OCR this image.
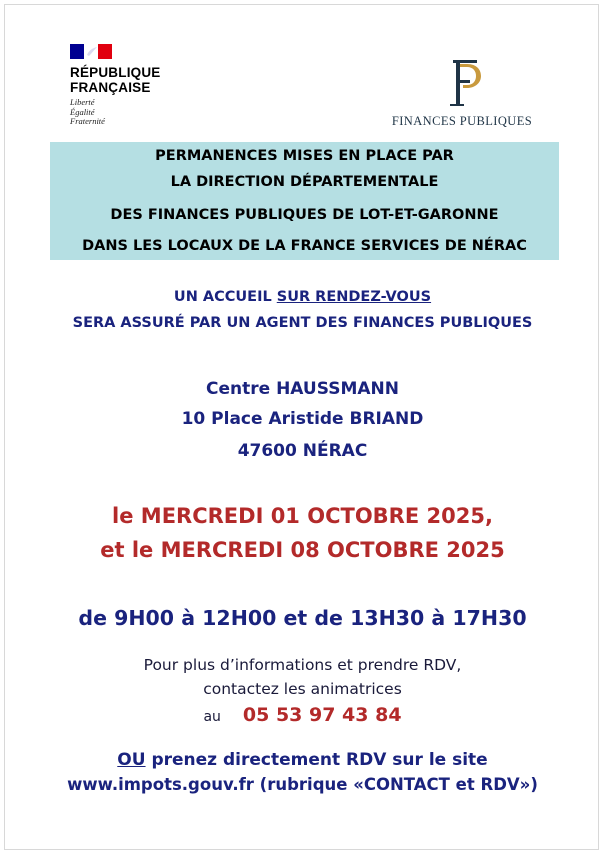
RÉPUBLIQUE
FRANÇAISE
Liberté
Égalité
Fraternité	FINANCES PUBLIQUES
PERMANENCES MISES EN PLACE PAR
LA DIRECTION DÉPARTEMENTALE
DES FINANCES PUBLIQUES DE LOT-ET-GARONNE
DANS LES LOCAUX DE LA FRANCE SERVICES DE NÉRAC
UN ACCUEIL SUR RENDEZ-VOUS
SERA ASSURÉ PAR UN AGENT DES FINANCES PUBLIQUES
Centre HAUSSMANN
10 Place Aristide BRIAND
47600 NÉRAC
le MERCREDI 01 OCTOBRE 2025,
et le MERCREDI 08 OCTOBRE 2025
de 9H00 à 12H00 et de 13H30 à 17H30
Pour plus d’informations et prendre RDV,
contactez les animatrices
au 05 53 97 43 84
OU prenez directement RDV sur le site
www.impots.gouv.fr (rubrique «CONTACT et RDV»)
